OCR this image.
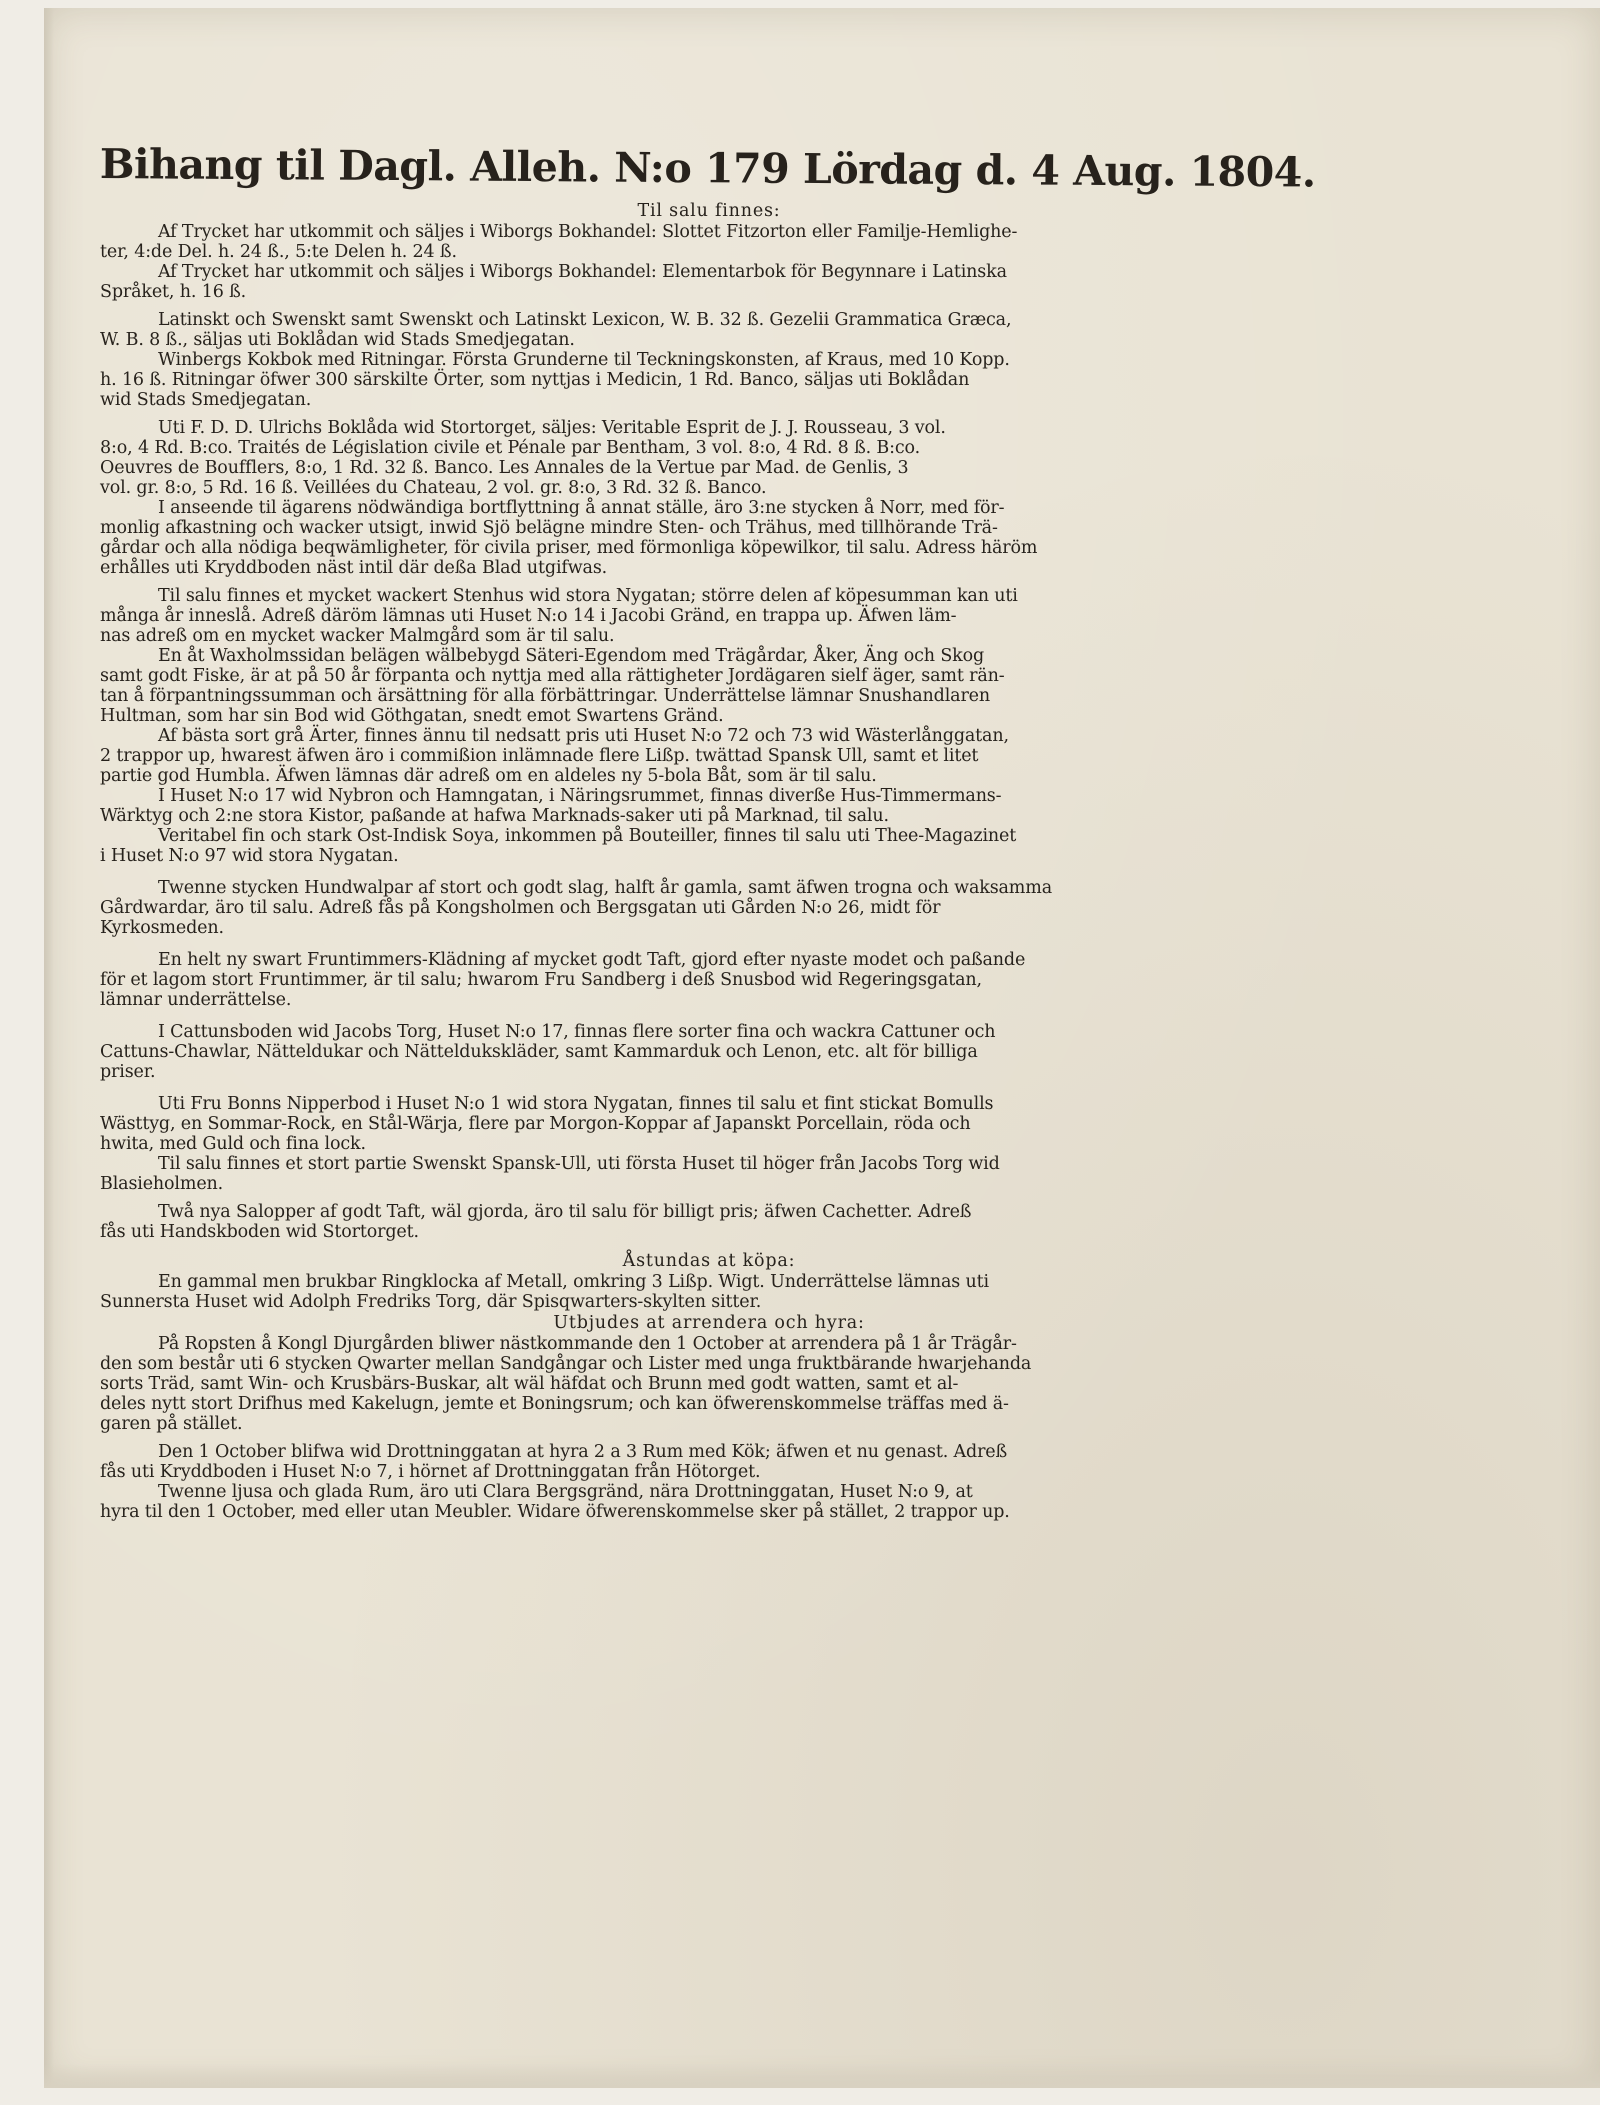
Bihang til Dagl. Alleh. N:o 179 Lördag d. 4 Aug. 1804.
Til salu finnes:
Af Trycket har utkommit och säljes i Wiborgs Bokhandel: Slottet Fitzorton eller Familje-Hemlighe-
ter, 4:de Del. h. 24 ß., 5:te Delen h. 24 ß.
Af Trycket har utkommit och säljes i Wiborgs Bokhandel: Elementarbok för Begynnare i Latinska
Språket, h. 16 ß.
Latinskt och Swenskt samt Swenskt och Latinskt Lexicon, W. B. 32 ß. Gezelii Grammatica Græca,
W. B. 8 ß., säljas uti Boklådan wid Stads Smedjegatan.
Winbergs Kokbok med Ritningar. Första Grunderne til Teckningskonsten, af Kraus, med 10 Kopp.
h. 16 ß. Ritningar öfwer 300 särskilte Örter, som nyttjas i Medicin, 1 Rd. Banco, säljas uti Boklådan
wid Stads Smedjegatan.
Uti F. D. D. Ulrichs Boklåda wid Stortorget, säljes: Veritable Esprit de J. J. Rousseau, 3 vol.
8:o, 4 Rd. B:co. Traités de Législation civile et Pénale par Bentham, 3 vol. 8:o, 4 Rd. 8 ß. B:co.
Oeuvres de Boufflers, 8:o, 1 Rd. 32 ß. Banco. Les Annales de la Vertue par Mad. de Genlis, 3
vol. gr. 8:o, 5 Rd. 16 ß. Veillées du Chateau, 2 vol. gr. 8:o, 3 Rd. 32 ß. Banco.
I anseende til ägarens nödwändiga bortflyttning å annat ställe, äro 3:ne stycken å Norr, med för-
monlig afkastning och wacker utsigt, inwid Sjö belägne mindre Sten- och Trähus, med tillhörande Trä-
gårdar och alla nödiga beqwämligheter, för civila priser, med förmonliga köpewilkor, til salu. Adress häröm
erhålles uti Kryddboden näst intil där deßa Blad utgifwas.
Til salu finnes et mycket wackert Stenhus wid stora Nygatan; större delen af köpesumman kan uti
många år inneslå. Adreß däröm lämnas uti Huset N:o 14 i Jacobi Gränd, en trappa up. Äfwen läm-
nas adreß om en mycket wacker Malmgård som är til salu.
En åt Waxholmssidan belägen wälbebygd Säteri-Egendom med Trägårdar, Åker, Äng och Skog
samt godt Fiske, är at på 50 år förpanta och nyttja med alla rättigheter Jordägaren sielf äger, samt rän-
tan å förpantningssumman och ärsättning för alla förbättringar. Underrättelse lämnar Snushandlaren
Hultman, som har sin Bod wid Göthgatan, snedt emot Swartens Gränd.
Af bästa sort grå Ärter, finnes ännu til nedsatt pris uti Huset N:o 72 och 73 wid Wästerlånggatan,
2 trappor up, hwarest äfwen äro i commißion inlämnade flere Lißp. twättad Spansk Ull, samt et litet
partie god Humbla. Äfwen lämnas där adreß om en aldeles ny 5-bola Båt, som är til salu.
I Huset N:o 17 wid Nybron och Hamngatan, i Näringsrummet, finnas diverße Hus-Timmermans-
Wärktyg och 2:ne stora Kistor, paßande at hafwa Marknads-saker uti på Marknad, til salu.
Veritabel fin och stark Ost-Indisk Soya, inkommen på Bouteiller, finnes til salu uti Thee-Magazinet
i Huset N:o 97 wid stora Nygatan.
Twenne stycken Hundwalpar af stort och godt slag, halft år gamla, samt äfwen trogna och waksamma
Gårdwardar, äro til salu. Adreß fås på Kongsholmen och Bergsgatan uti Gården N:o 26, midt för
Kyrkosmeden.
En helt ny swart Fruntimmers-Klädning af mycket godt Taft, gjord efter nyaste modet och paßande
för et lagom stort Fruntimmer, är til salu; hwarom Fru Sandberg i deß Snusbod wid Regeringsgatan,
lämnar underrättelse.
I Cattunsboden wid Jacobs Torg, Huset N:o 17, finnas flere sorter fina och wackra Cattuner och
Cattuns-Chawlar, Nätteldukar och Nätteldukskläder, samt Kammarduk och Lenon, etc. alt för billiga
priser.
Uti Fru Bonns Nipperbod i Huset N:o 1 wid stora Nygatan, finnes til salu et fint stickat Bomulls
Wästtyg, en Sommar-Rock, en Stål-Wärja, flere par Morgon-Koppar af Japanskt Porcellain, röda och
hwita, med Guld och fina lock.
Til salu finnes et stort partie Swenskt Spansk-Ull, uti första Huset til höger från Jacobs Torg wid
Blasieholmen.
Twå nya Salopper af godt Taft, wäl gjorda, äro til salu för billigt pris; äfwen Cachetter. Adreß
fås uti Handskboden wid Stortorget.
Åstundas at köpa:
En gammal men brukbar Ringklocka af Metall, omkring 3 Lißp. Wigt. Underrättelse lämnas uti
Sunnersta Huset wid Adolph Fredriks Torg, där Spisqwarters-skylten sitter.
Utbjudes at arrendera och hyra:
På Ropsten å Kongl Djurgården bliwer nästkommande den 1 October at arrendera på 1 år Trägår-
den som består uti 6 stycken Qwarter mellan Sandgångar och Lister med unga fruktbärande hwarjehanda
sorts Träd, samt Win- och Krusbärs-Buskar, alt wäl häfdat och Brunn med godt watten, samt et al-
deles nytt stort Drifhus med Kakelugn, jemte et Boningsrum; och kan öfwerenskommelse träffas med ä-
garen på stället.
Den 1 October blifwa wid Drottninggatan at hyra 2 a 3 Rum med Kök; äfwen et nu genast. Adreß
fås uti Kryddboden i Huset N:o 7, i hörnet af Drottninggatan från Hötorget.
Twenne ljusa och glada Rum, äro uti Clara Bergsgränd, nära Drottninggatan, Huset N:o 9, at
hyra til den 1 October, med eller utan Meubler. Widare öfwerenskommelse sker på stället, 2 trappor up.
